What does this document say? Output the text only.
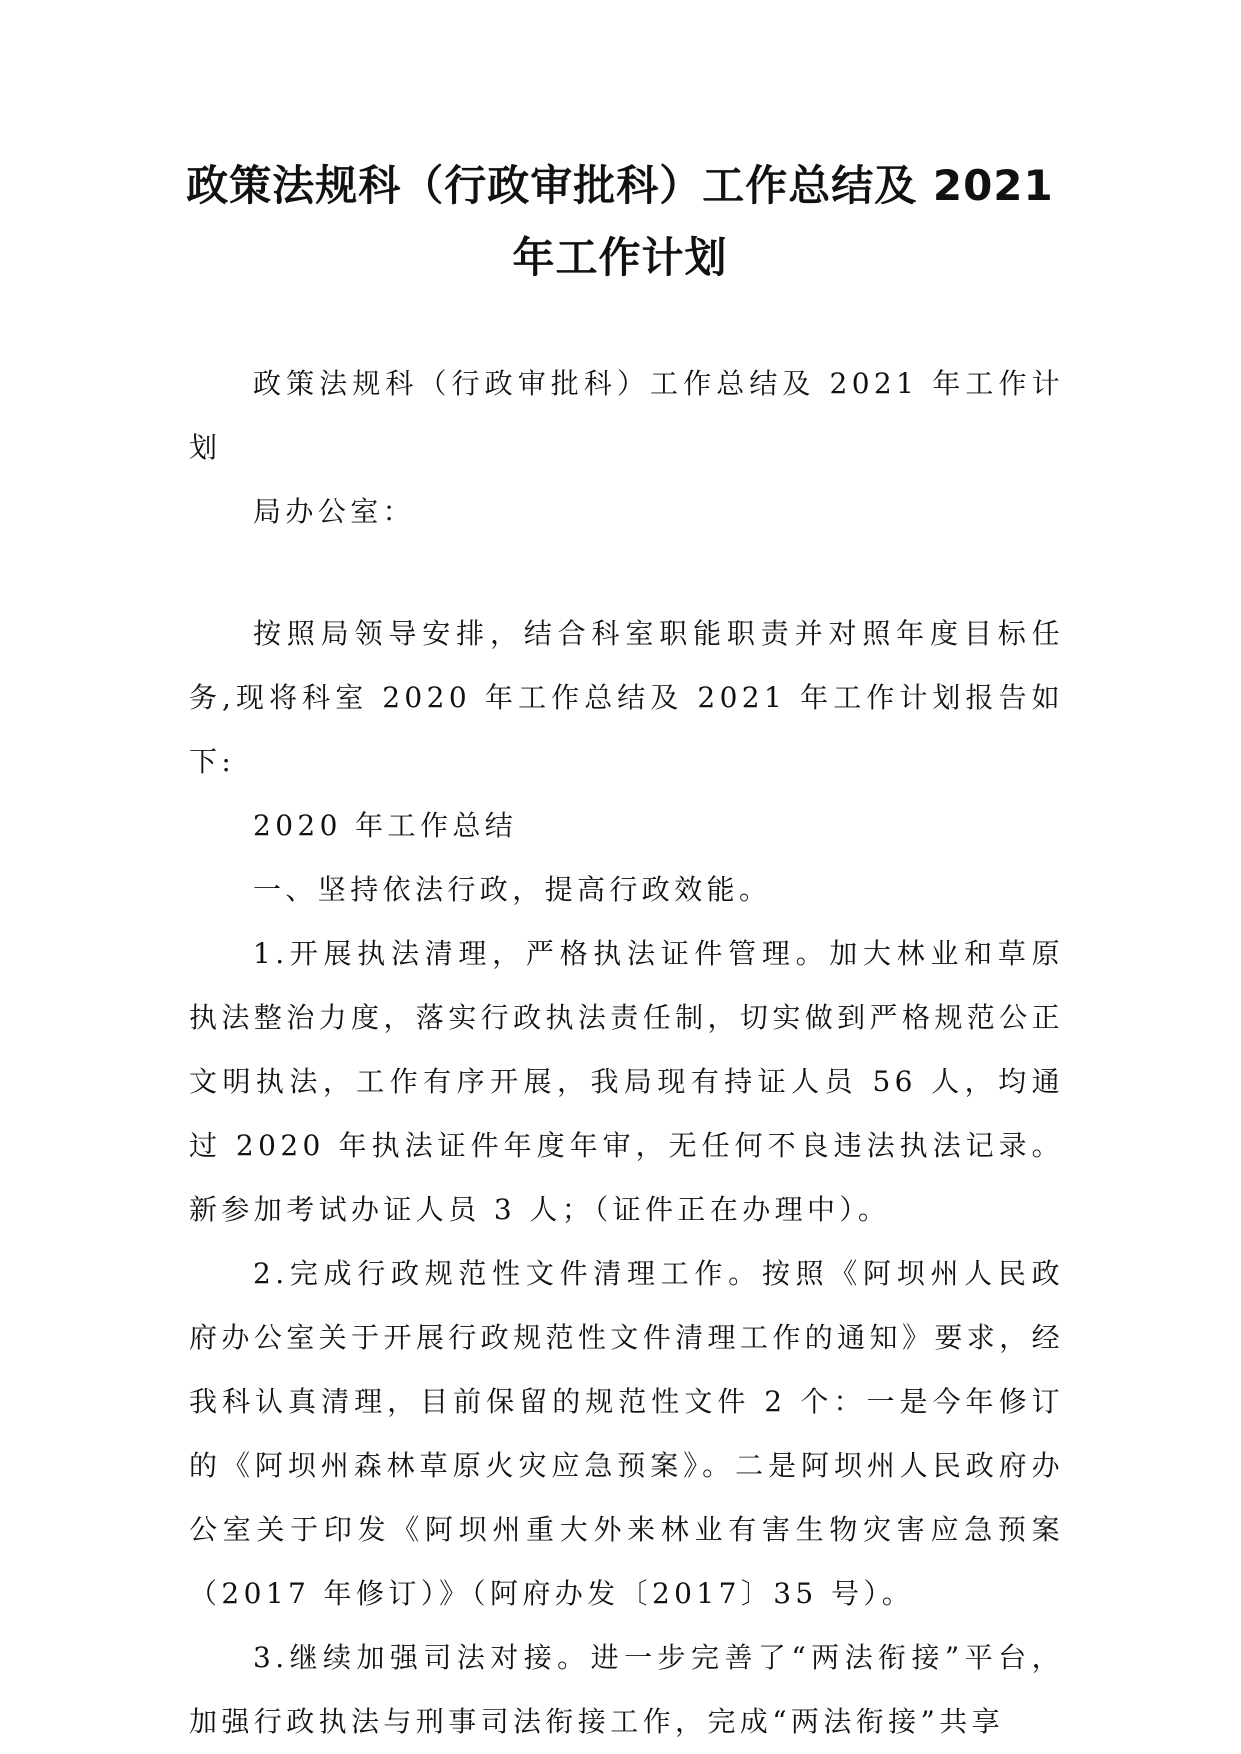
政策法规科（行政审批科）工作总结及 2021
年工作计划

政策法规科（行政审批科）工作总结及 2021 年工作计划

局办公室：

按照局领导安排，结合科室职能职责并对照年度目标任务,现将科室 2020 年工作总结及 2021 年工作计划报告如下:

2020 年工作总结

一、坚持依法行政，提高行政效能。

1.开展执法清理，严格执法证件管理。加大林业和草原执法整治力度，落实行政执法责任制，切实做到严格规范公正文明执法，工作有序开展，我局现有持证人员 56 人，均通过 2020 年执法证件年度年审，无任何不良违法执法记录。新参加考试办证人员 3 人；（证件正在办理中）。

2.完成行政规范性文件清理工作。按照《阿坝州人民政府办公室关于开展行政规范性文件清理工作的通知》要求，经我科认真清理，目前保留的规范性文件 2 个：一是今年修订的《阿坝州森林草原火灾应急预案》。二是阿坝州人民政府办公室关于印发《阿坝州重大外来林业有害生物灾害应急预案（2017 年修订）》（阿府办发〔2017〕35 号）。

3.继续加强司法对接。进一步完善了“两法衔接”平台，加强行政执法与刑事司法衔接工作，完成“两法衔接”共享
